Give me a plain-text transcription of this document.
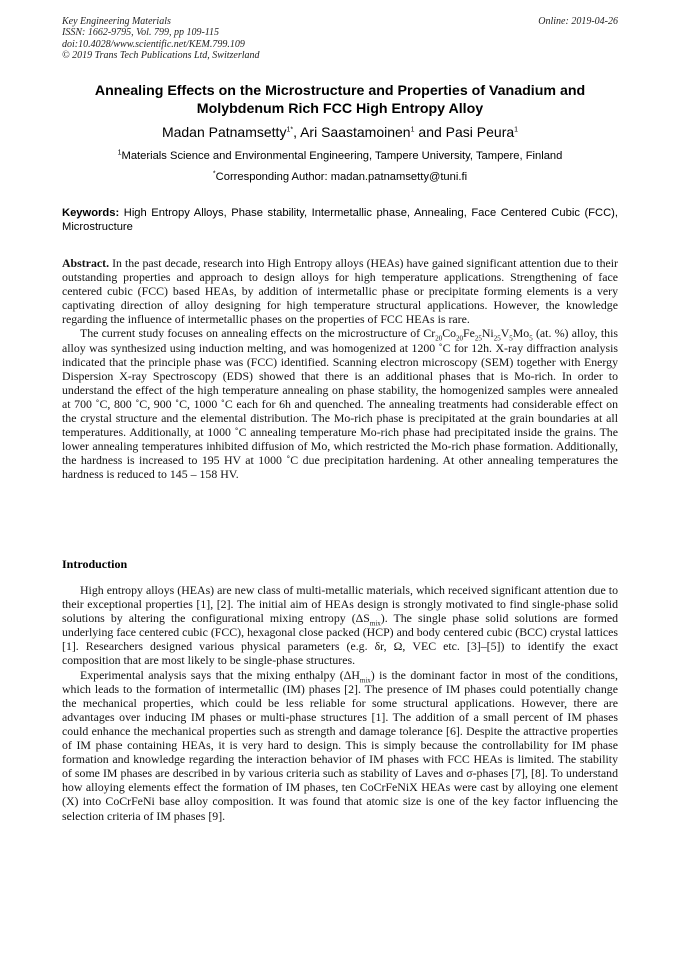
Key Engineering Materials
ISSN: 1662-9795, Vol. 799, pp 109-115
doi:10.4028/www.scientific.net/KEM.799.109
© 2019 Trans Tech Publications Ltd, Switzerland
Online: 2019-04-26
Annealing Effects on the Microstructure and Properties of Vanadium and Molybdenum Rich FCC High Entropy Alloy
Madan Patnamsetty$^{1*}$, Ari Saastamoinen$^1$ and Pasi Peura$^1$
$^1$Materials Science and Environmental Engineering, Tampere University, Tampere, Finland
*Corresponding Author: madan.patnamsetty@tuni.fi
Keywords: High Entropy Alloys, Phase stability, Intermetallic phase, Annealing, Face Centered Cubic (FCC), Microstructure

Abstract. In the past decade, research into High Entropy alloys (HEAs) have gained significant attention due to their outstanding properties and approach to design alloys for high temperature applications. Strengthening of face centered cubic (FCC) based HEAs, by addition of intermetallic phase or precipitate forming elements is a very captivating direction of alloy designing for high temperature structural applications. However, the knowledge regarding the influence of intermetallic phases on the properties of FCC HEAs is rare.

The current study focuses on annealing effects on the microstructure of $Cr_{20}Co_{20}Fe_{25}Ni_{25}V_5Mo_5$ (at. %) alloy, this alloy was synthesized using induction melting, and was homogenized at 1200 ˚C for 12h. X-ray diffraction analysis indicated that the principle phase was (FCC) identified. Scanning electron microscopy (SEM) together with Energy Dispersion X-ray Spectroscopy (EDS) showed that there is an additional phases that is Mo-rich. In order to understand the effect of the high temperature annealing on phase stability, the homogenized samples were annealed at 700 ˚C, 800 ˚C, 900 ˚C, 1000 ˚C each for 6h and quenched. The annealing treatments had considerable effect on the crystal structure and the elemental distribution. The Mo-rich phase is precipitated at the grain boundaries at all temperatures. Additionally, at 1000 ˚C annealing temperature Mo-rich phase had precipitated inside the grains. The lower annealing temperatures inhibited diffusion of Mo, which restricted the Mo-rich phase formation. Additionally, the hardness is increased to 195 HV at 1000 ˚C due precipitation hardening. At other annealing temperatures the hardness is reduced to 145 – 158 HV.

Introduction

High entropy alloys (HEAs) are new class of multi-metallic materials, which received significant attention due to their exceptional properties [1], [2]. The initial aim of HEAs design is strongly motivated to find single-phase solid solutions by altering the configurational mixing entropy $(\Delta S_{mix})$. The single phase solid solutions are formed underlying face centered cubic (FCC), hexagonal close packed (HCP) and body centered cubic (BCC) crystal lattices [1]. Researchers designed various physical parameters (e.g. δr, Ω, VEC etc. [3]–[5]) to identify the exact composition that are most likely to be single-phase structures.

Experimental analysis says that the mixing enthalpy $(\Delta H_{mix})$ is the dominant factor in most of the conditions, which leads to the formation of intermetallic (IM) phases [2]. The presence of IM phases could potentially change the mechanical properties, which could be less reliable for some structural applications. However, there are advantages over inducing IM phases or multi-phase structures [1]. The addition of a small percent of IM phases could enhance the mechanical properties such as strength and damage tolerance [6]. Despite the attractive properties of IM phase containing HEAs, it is very hard to design. This is simply because the controllability for IM phase formation and knowledge regarding the interaction behavior of IM phases with FCC HEAs is limited. The stability of some IM phases are described in by various criteria such as stability of Laves and σ-phases [7], [8]. To understand how alloying elements effect the formation of IM phases, ten CoCrFeNiX HEAs were cast by alloying one element (X) into CoCrFeNi base alloy composition. It was found that atomic size is one of the key factor influencing the selection criteria of IM phases [9].
